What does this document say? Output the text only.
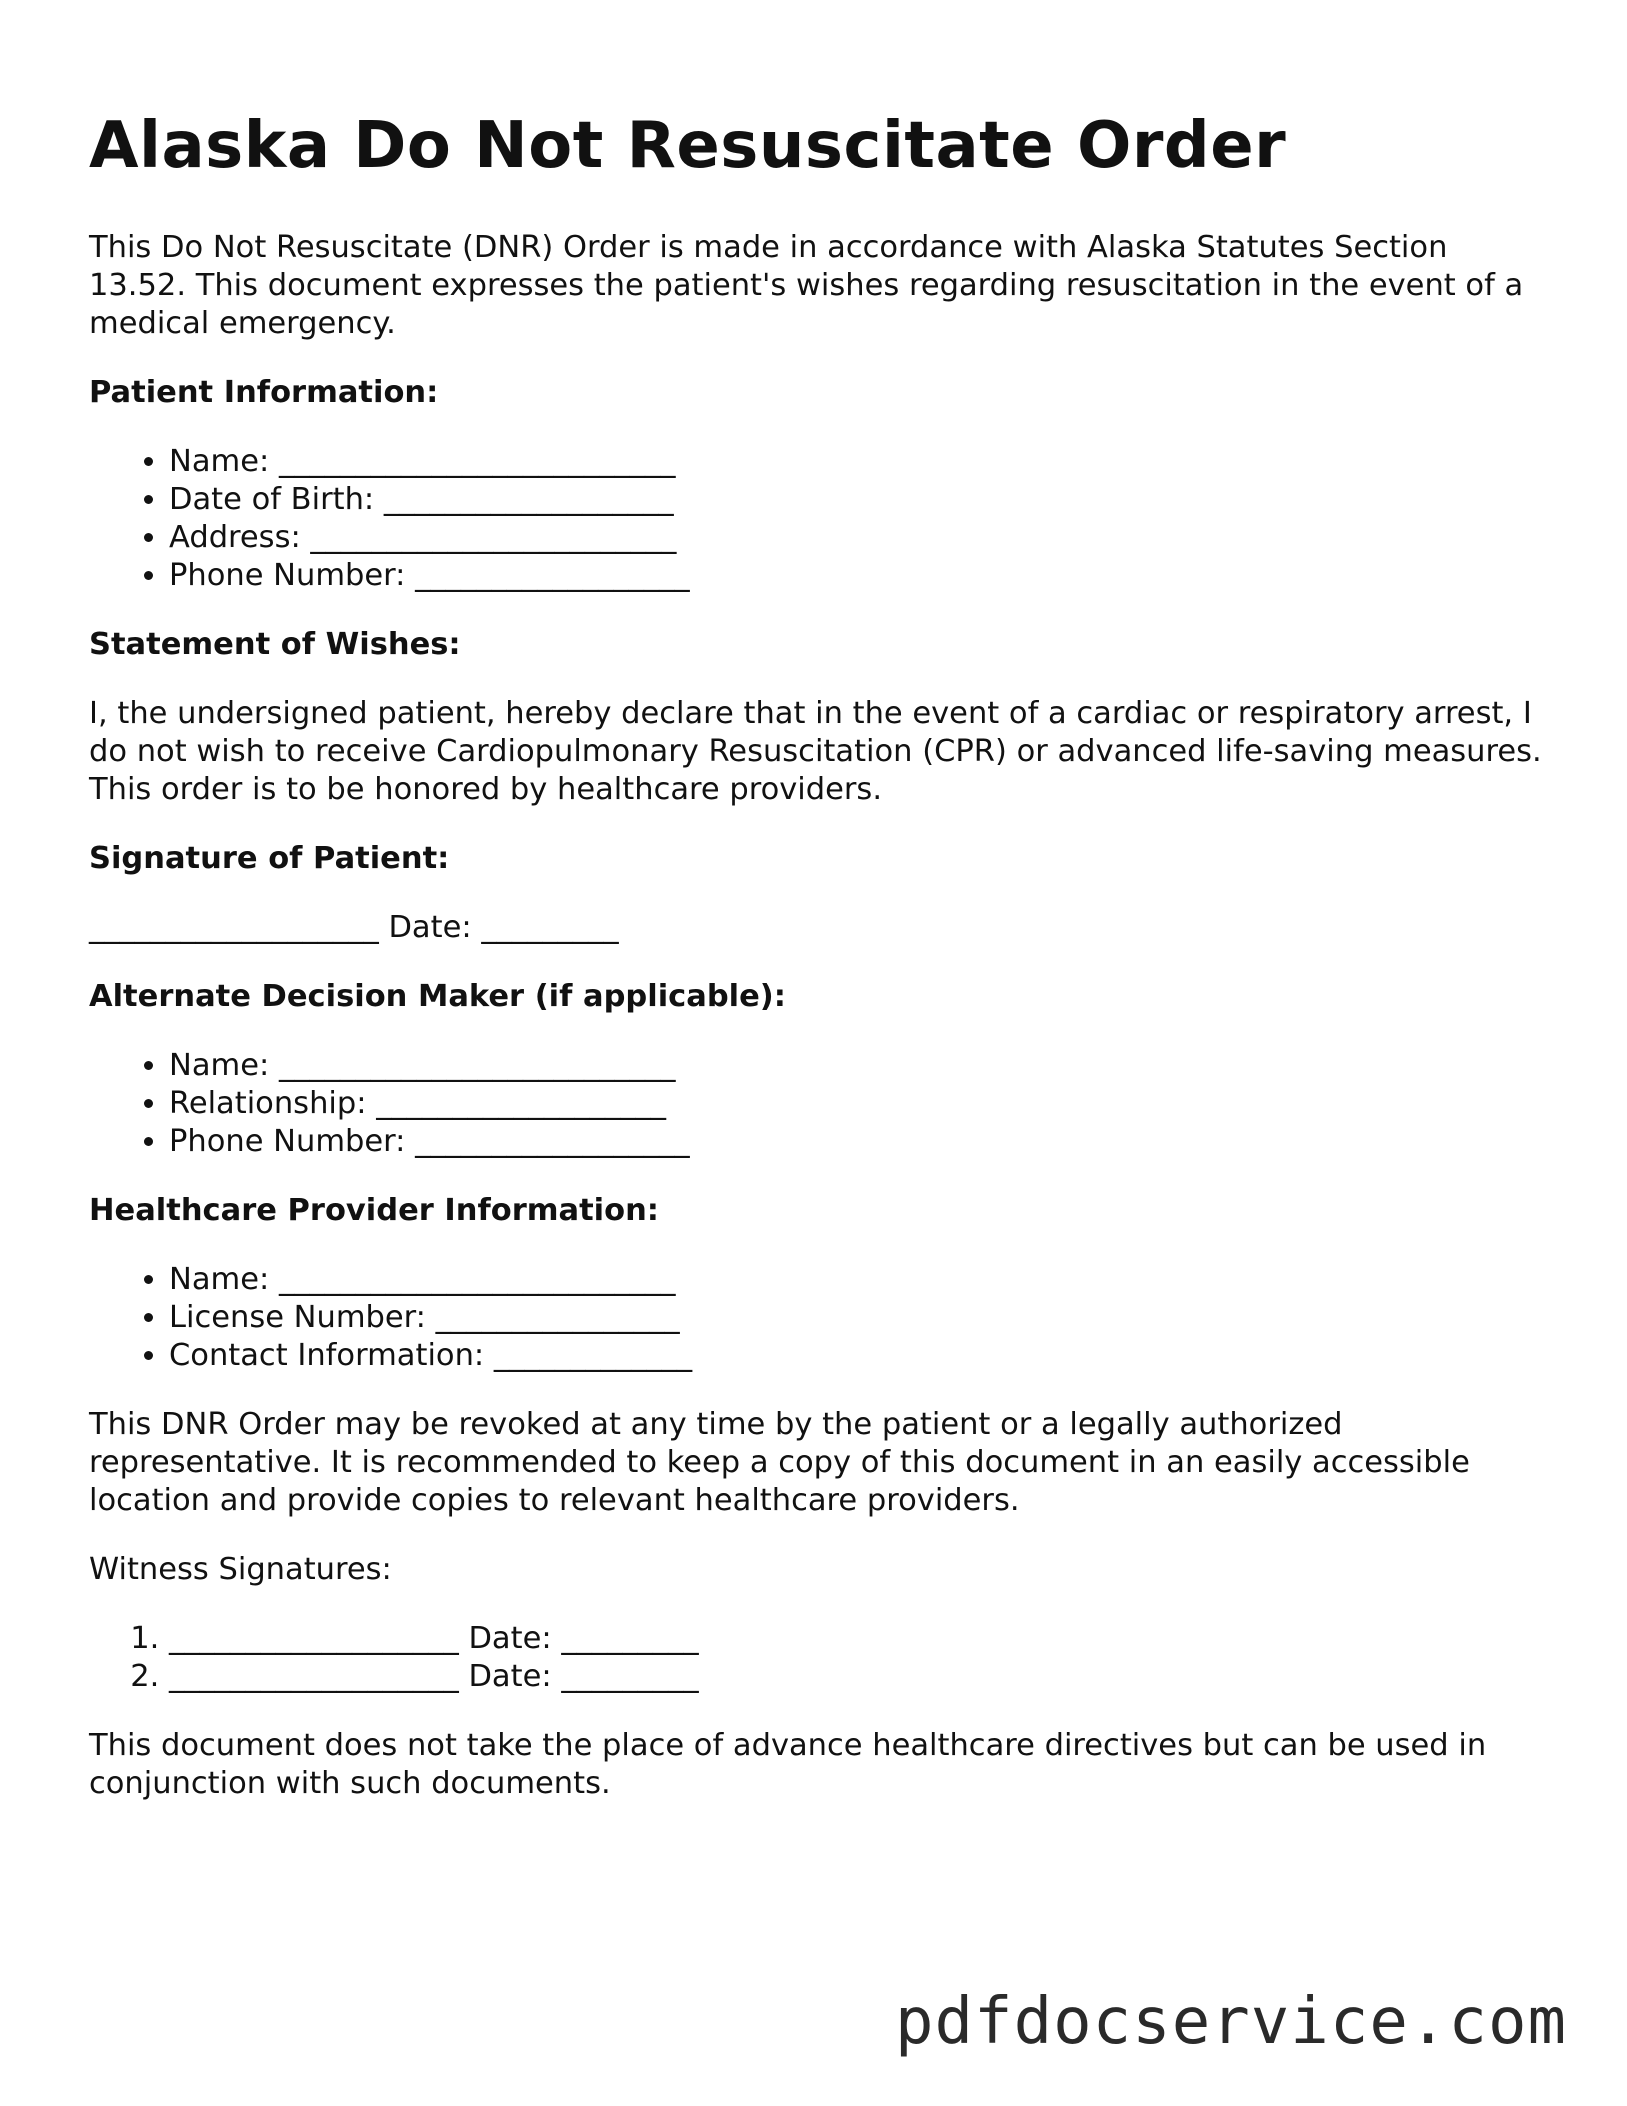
Alaska Do Not Resuscitate Order

This Do Not Resuscitate (DNR) Order is made in accordance with Alaska Statutes Section 13.52. This document expresses the patient's wishes regarding resuscitation in the event of a medical emergency.

Patient Information:
• Name: __________________________
• Date of Birth: ___________________
• Address: ________________________
• Phone Number: __________________
Statement of Wishes:

I, the undersigned patient, hereby declare that in the event of a cardiac or respiratory arrest, I do not wish to receive Cardiopulmonary Resuscitation (CPR) or advanced life-saving measures. This order is to be honored by healthcare providers.

Signature of Patient:

___________________ Date: _________

Alternate Decision Maker (if applicable):
• Name: __________________________
• Relationship: ___________________
• Phone Number: __________________
Healthcare Provider Information:
• Name: __________________________
• License Number: ________________
• Contact Information: _____________

This DNR Order may be revoked at any time by the patient or a legally authorized representative. It is recommended to keep a copy of this document in an easily accessible location and provide copies to relevant healthcare providers.

Witness Signatures:

1. ___________________ Date: _________
2. ___________________ Date: _________

This document does not take the place of advance healthcare directives but can be used in conjunction with such documents.

pdfdocservice.com
